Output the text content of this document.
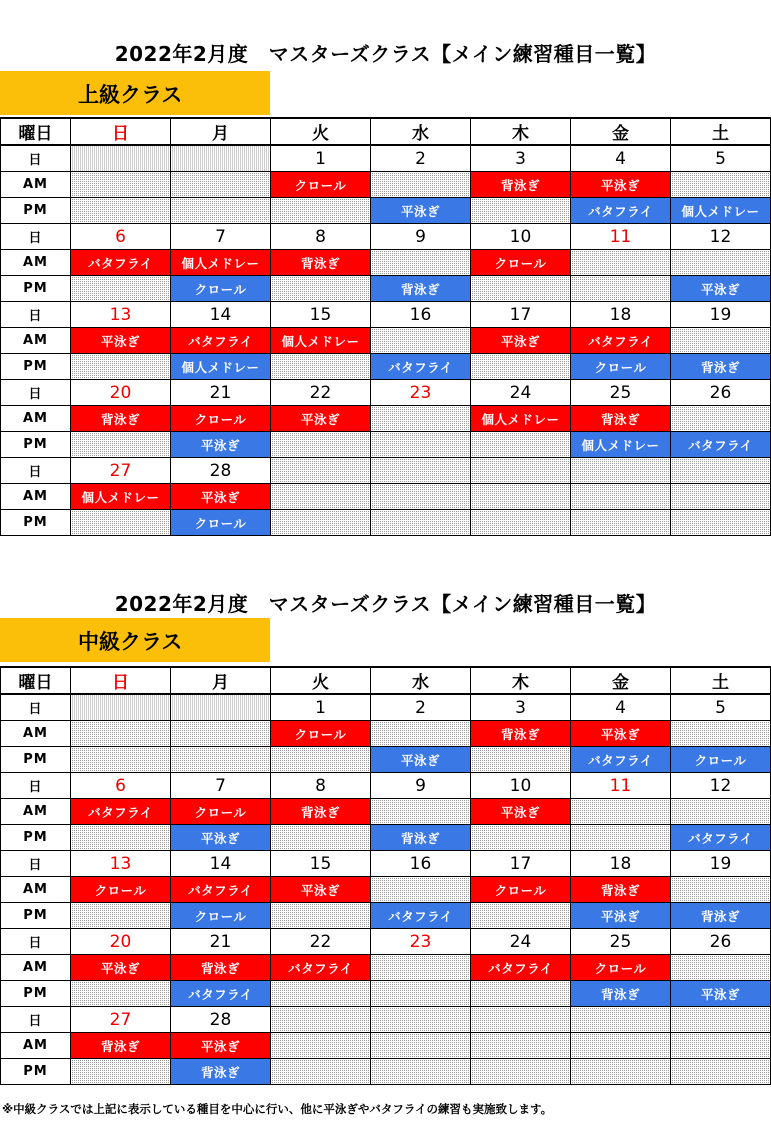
2022年2月度　マスターズクラス【メイン練習種目一覧】
上級クラス
曜日	日	月	火	水	木	金	土
日			1	2	3	4	5
AM			クロール		背泳ぎ	平泳ぎ	
PM				平泳ぎ		バタフライ	個人メドレー
日	6	7	8	9	10	11	12
AM	バタフライ	個人メドレー	背泳ぎ		クロール		
PM		クロール		背泳ぎ			平泳ぎ
日	13	14	15	16	17	18	19
AM	平泳ぎ	バタフライ	個人メドレー		平泳ぎ	バタフライ	
PM		個人メドレー		バタフライ		クロール	背泳ぎ
日	20	21	22	23	24	25	26
AM	背泳ぎ	クロール	平泳ぎ		個人メドレー	背泳ぎ	
PM		平泳ぎ				個人メドレー	バタフライ
日	27	28					
AM	個人メドレー	平泳ぎ					
PM		クロール					
2022年2月度　マスターズクラス【メイン練習種目一覧】
中級クラス
曜日	日	月	火	水	木	金	土
日			1	2	3	4	5
AM			クロール		背泳ぎ	平泳ぎ	
PM				平泳ぎ		バタフライ	クロール
日	6	7	8	9	10	11	12
AM	バタフライ	クロール	背泳ぎ		平泳ぎ		
PM		平泳ぎ		背泳ぎ			バタフライ
日	13	14	15	16	17	18	19
AM	クロール	バタフライ	平泳ぎ		クロール	背泳ぎ	
PM		クロール		バタフライ		平泳ぎ	背泳ぎ
日	20	21	22	23	24	25	26
AM	平泳ぎ	背泳ぎ	バタフライ		バタフライ	クロール	
PM		バタフライ				背泳ぎ	平泳ぎ
日	27	28					
AM	背泳ぎ	平泳ぎ					
PM		背泳ぎ					
※中級クラスでは上記に表示している種目を中心に行い、他に平泳ぎやバタフライの練習も実施致します。
